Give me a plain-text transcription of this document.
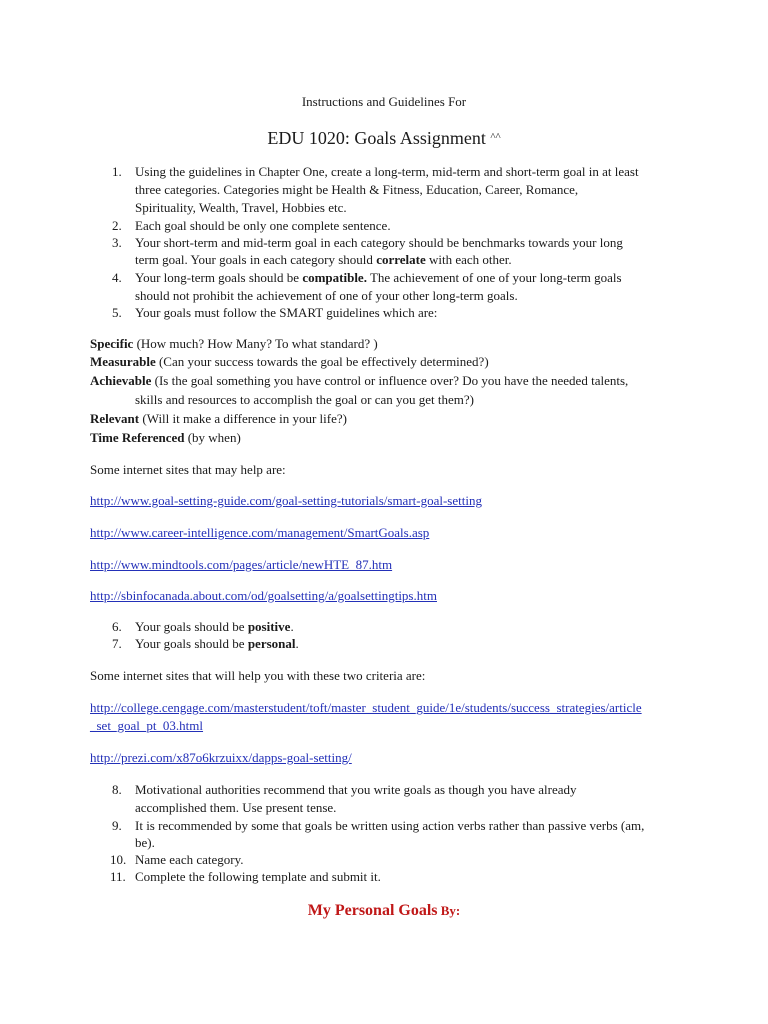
Instructions and Guidelines For
EDU 1020: Goals Assignment ^^
1. Using the guidelines in Chapter One, create a long-term, mid-term and short-term goal in at least
three categories. Categories might be Health & Fitness, Education, Career, Romance,
Spirituality, Wealth, Travel, Hobbies etc.
2. Each goal should be only one complete sentence.
3. Your short-term and mid-term goal in each category should be benchmarks towards your long
term goal. Your goals in each category should correlate with each other.
4. Your long-term goals should be compatible. The achievement of one of your long-term goals
should not prohibit the achievement of one of your other long-term goals.
5. Your goals must follow the SMART guidelines which are:
Specific (How much? How Many? To what standard? )
Measurable (Can your success towards the goal be effectively determined?)
Achievable (Is the goal something you have control or influence over? Do you have the needed talents,
skills and resources to accomplish the goal or can you get them?)
Relevant (Will it make a difference in your life?)
Time Referenced (by when)
Some internet sites that may help are:
http://www.goal-setting-guide.com/goal-setting-tutorials/smart-goal-setting
http://www.career-intelligence.com/management/SmartGoals.asp
http://www.mindtools.com/pages/article/newHTE_87.htm
http://sbinfocanada.about.com/od/goalsetting/a/goalsettingtips.htm
6. Your goals should be positive.
7. Your goals should be personal.
Some internet sites that will help you with these two criteria are:
http://college.cengage.com/masterstudent/toft/master_student_guide/1e/students/success_strategies/article
_set_goal_pt_03.html
http://prezi.com/x87o6krzuixx/dapps-goal-setting/
8. Motivational authorities recommend that you write goals as though you have already
accomplished them. Use present tense.
9. It is recommended by some that goals be written using action verbs rather than passive verbs (am,
be).
10. Name each category.
11. Complete the following template and submit it.
My Personal Goals By:
